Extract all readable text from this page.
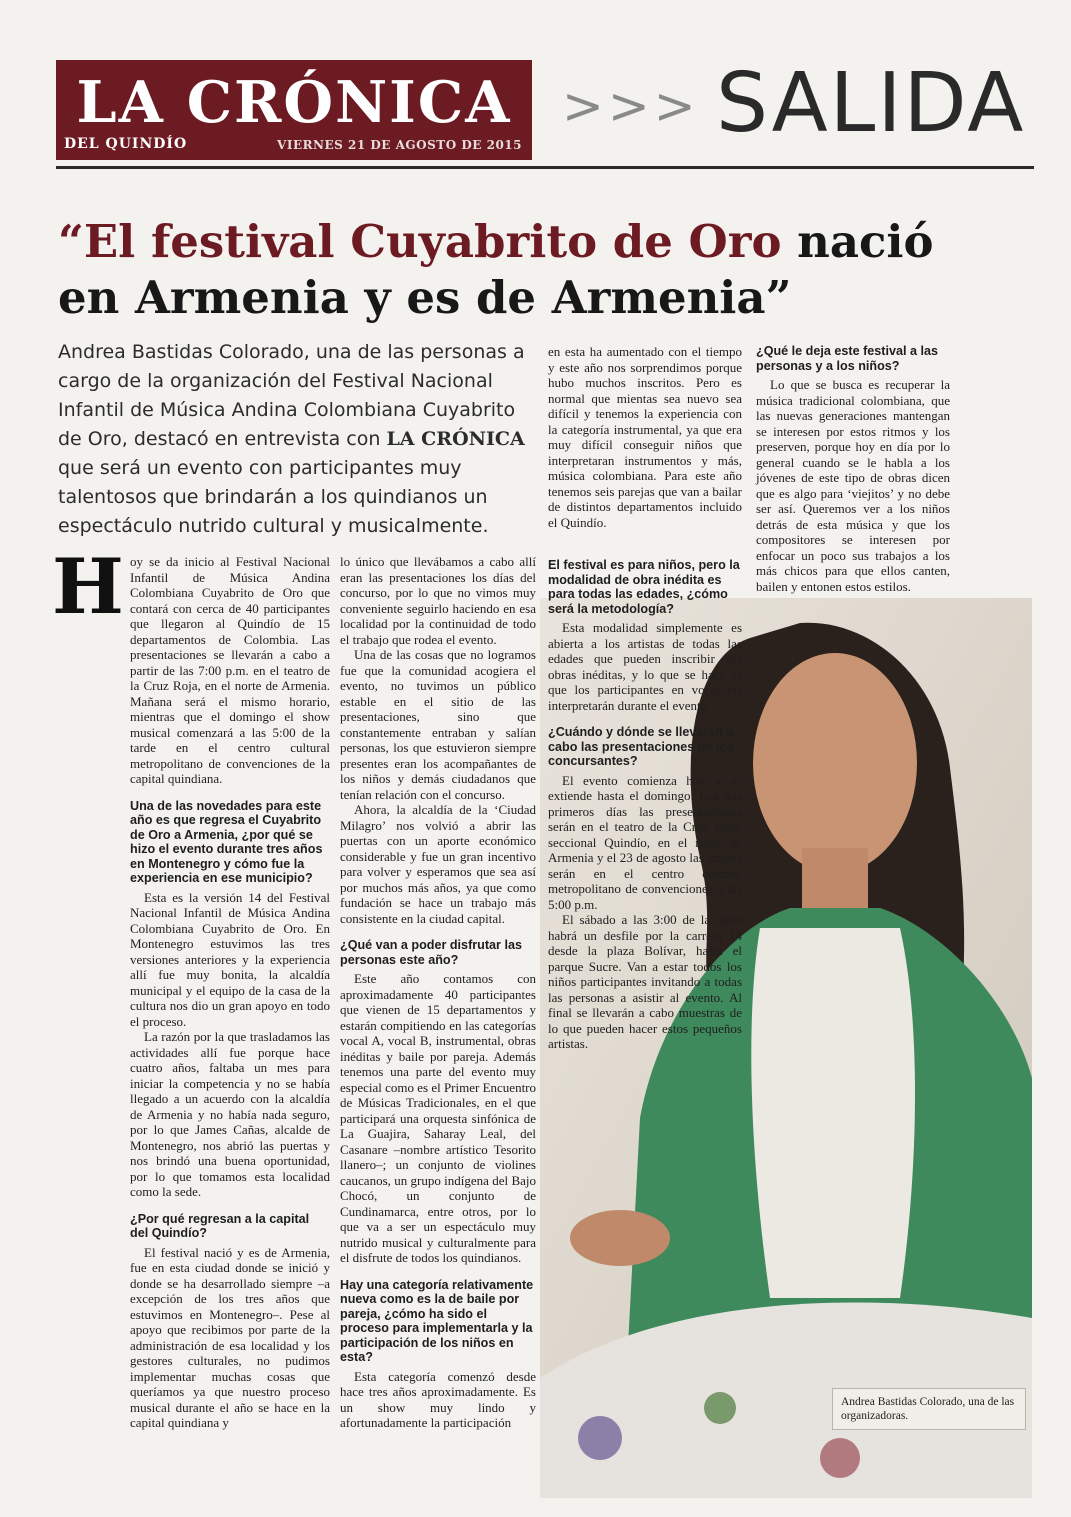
LA CRÓNICA
DEL QUINDÍO	VIERNES 21 DE AGOSTO DE 2015
>>> SALIDA
“El festival Cuyabrito de Oro nació
en Armenia y es de Armenia”
Andrea Bastidas Colorado, una de las personas a cargo de la organización del Festival Nacional Infantil de Música Andina Colombiana Cuyabrito de Oro, destacó en entrevista con LA CRÓNICA que será un evento con participantes muy talentosos que brindarán a los quindianos un espectáculo nutrido cultural y musicalmente.

Hoy se da inicio al Festival Nacional Infantil de Música Andina Colombiana Cuyabrito de Oro que contará con cerca de 40 participantes que llegaron al Quindío de 15 departamentos de Colombia. Las presentaciones se llevarán a cabo a partir de las 7:00 p.m. en el teatro de la Cruz Roja, en el norte de Armenia. Mañana será el mismo horario, mientras que el domingo el show musical comenzará a las 5:00 de la tarde en el centro cultural metropolitano de convenciones de la capital quindiana.

Una de las novedades para este año es que regresa el Cuyabrito de Oro a Armenia, ¿por qué se hizo el evento durante tres años en Montenegro y cómo fue la experiencia en ese municipio?

Esta es la versión 14 del Festival Nacional Infantil de Música Andina Colombiana Cuyabrito de Oro. En Montenegro estuvimos las tres versiones anteriores y la experiencia allí fue muy bonita, la alcaldía municipal y el equipo de la casa de la cultura nos dio un gran apoyo en todo el proceso.

La razón por la que trasladamos las actividades allí fue porque hace cuatro años, faltaba un mes para iniciar la competencia y no se había llegado a un acuerdo con la alcaldía de Armenia y no había nada seguro, por lo que James Cañas, alcalde de Montenegro, nos abrió las puertas y nos brindó una buena oportunidad, por lo que tomamos esta localidad como la sede.

¿Por qué regresan a la capital del Quindío?

El festival nació y es de Armenia, fue en esta ciudad donde se inició y donde se ha desarrollado siempre –a excepción de los tres años que estuvimos en Montenegro–. Pese al apoyo que recibimos por parte de la administración de esa localidad y los gestores culturales, no pudimos implementar muchas cosas que queríamos ya que nuestro proceso musical durante el año se hace en la capital quindiana y

lo único que llevábamos a cabo allí eran las presentaciones los días del concurso, por lo que no vimos muy conveniente seguirlo haciendo en esa localidad por la continuidad de todo el trabajo que rodea el evento.

Una de las cosas que no logramos fue que la comunidad acogiera el evento, no tuvimos un público estable en el sitio de las presentaciones, sino que constantemente entraban y salían personas, los que estuvieron siempre presentes eran los acompañantes de los niños y demás ciudadanos que tenían relación con el concurso.

Ahora, la alcaldía de la ‘Ciudad Milagro’ nos volvió a abrir las puertas con un aporte económico considerable y fue un gran incentivo para volver y esperamos que sea así por muchos más años, ya que como fundación se hace un trabajo más consistente en la ciudad capital.

¿Qué van a poder disfrutar las personas este año?

Este año contamos con aproximadamente 40 participantes que vienen de 15 departamentos y estarán compitiendo en las categorías vocal A, vocal B, instrumental, obras inéditas y baile por pareja. Además tenemos una parte del evento muy especial como es el Primer Encuentro de Músicas Tradicionales, en el que participará una orquesta sinfónica de La Guajira, Saharay Leal, del Casanare –nombre artístico Tesorito llanero–; un conjunto de violines caucanos, un grupo indígena del Bajo Chocó, un conjunto de Cundinamarca, entre otros, por lo que va a ser un espectáculo muy nutrido musical y culturalmente para el disfrute de todos los quindianos.

Hay una categoría relativamente nueva como es la de baile por pareja, ¿cómo ha sido el proceso para implementarla y la participación de los niños en esta?

Esta categoría comenzó desde hace tres años aproximadamente. Es un show muy lindo y afortunadamente la participación

en esta ha aumentado con el tiempo y este año nos sorprendimos porque hubo muchos inscritos. Pero es normal que mientas sea nuevo sea difícil y tenemos la experiencia con la categoría instrumental, ya que era muy difícil conseguir niños que interpretaran instrumentos y más, música colombiana. Para este año tenemos seis parejas que van a bailar de distintos departamentos incluido el Quindío.

¿Qué le deja este festival a las personas y a los niños?

Lo que se busca es recuperar la música tradicional colombiana, que las nuevas generaciones mantengan se interesen por estos ritmos y los preserven, porque hoy en día por lo general cuando se le habla a los jóvenes de este tipo de obras dicen que es algo para ‘viejitos’ y no debe ser así. Queremos ver a los niños detrás de esta música y que los compositores se interesen por enfocar un poco sus trabajos a los más chicos para que ellos canten, bailen y entonen estos estilos.

Andrea Bastidas Colorado, una de las organizadoras.
El festival es para niños, pero la modalidad de obra inédita es para todas las edades, ¿cómo será la metodología?

Esta modalidad simplemente es abierta a los artistas de todas las edades que pueden inscribir sus obras inéditas, y lo que se hace es que los participantes en vocal las interpretarán durante el evento.

¿Cuándo y dónde se llevarán a cabo las presentaciones de los concursantes?

El evento comienza hoy y se extiende hasta el domingo. Los dos primeros días las presentaciones serán en el teatro de la Cruz Roja, seccional Quindío, en el norte de Armenia y el 23 de agosto las finales serán en el centro cultural metropolitano de convenciones a las 5:00 p.m.

El sábado a las 3:00 de la tarde habrá un desfile por la carrera 14 desde la plaza Bolívar, hasta el parque Sucre. Van a estar todos los niños participantes invitando a todas las personas a asistir al evento. Al final se llevarán a cabo muestras de lo que pueden hacer estos pequeños artistas.
